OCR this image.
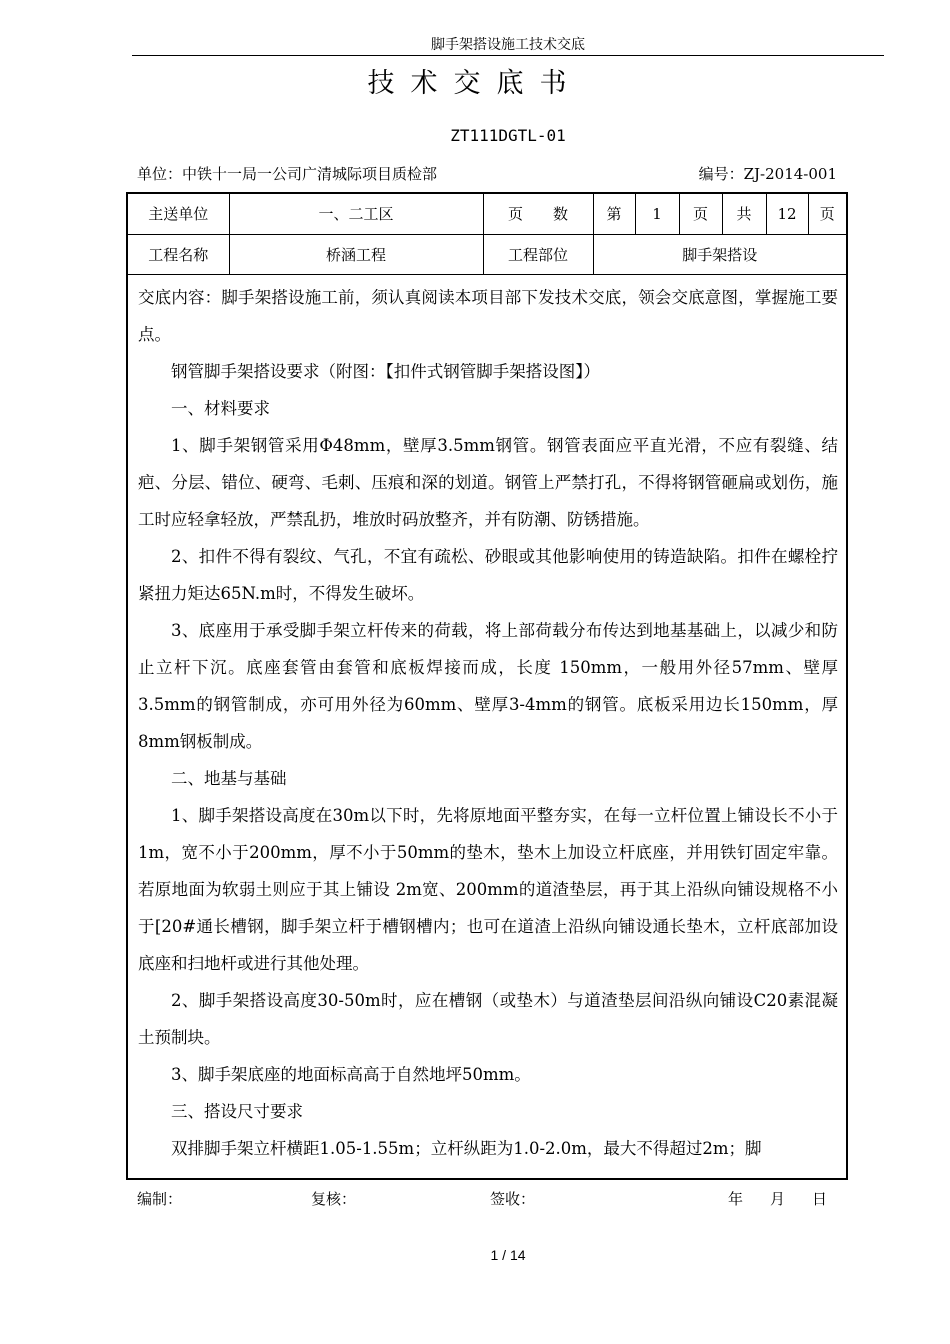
脚手架搭设施工技术交底
技术交底书
ZT111DGTL-01
单位：中铁十一局一公司广清城际项目质检部	编号：ZJ-2014-001
主送单位	一、二工区	页　　数	第	1	页	共	12	页
工程名称	桥涵工程	工程部位	脚手架搭设					

交底内容：脚手架搭设施工前，须认真阅读本项目部下发技术交底，领会交底意图，掌握施工要点。

钢管脚手架搭设要求（附图：【扣件式钢管脚手架搭设图】）

一、材料要求

1、脚手架钢管采用Φ48mm，壁厚3.5mm钢管。钢管表面应平直光滑，不应有裂缝、结疤、分层、错位、硬弯、毛刺、压痕和深的划道。钢管上严禁打孔，不得将钢管砸扁或划伤，施工时应轻拿轻放，严禁乱扔，堆放时码放整齐，并有防潮、防锈措施。

2、扣件不得有裂纹、气孔，不宜有疏松、砂眼或其他影响使用的铸造缺陷。扣件在螺栓拧紧扭力矩达65N.m时，不得发生破坏。

3、底座用于承受脚手架立杆传来的荷载，将上部荷载分布传达到地基基础上，以减少和防止立杆下沉。底座套管由套管和底板焊接而成，长度 150mm，一般用外径57mm、壁厚3.5mm的钢管制成，亦可用外径为60mm、壁厚3-4mm的钢管。底板采用边长150mm，厚8mm钢板制成。

二、地基与基础

1、脚手架搭设高度在30m以下时，先将原地面平整夯实，在每一立杆位置上铺设长不小于1m，宽不小于200mm，厚不小于50mm的垫木，垫木上加设立杆底座，并用铁钉固定牢靠。若原地面为软弱土则应于其上铺设 2m宽、200mm的道渣垫层，再于其上沿纵向铺设规格不小于[20#通长槽钢，脚手架立杆于槽钢槽内；也可在道渣上沿纵向铺设通长垫木，立杆底部加设底座和扫地杆或进行其他处理。

2、脚手架搭设高度30-50m时，应在槽钢（或垫木）与道渣垫层间沿纵向铺设C20素混凝土预制块。

3、脚手架底座的地面标高高于自然地坪50mm。

三、搭设尺寸要求

双排脚手架立杆横距1.05-1.55m；立杆纵距为1.0-2.0m，最大不得超过2m；脚

编制：	复核：	签收：	年 月 日
1 / 14
